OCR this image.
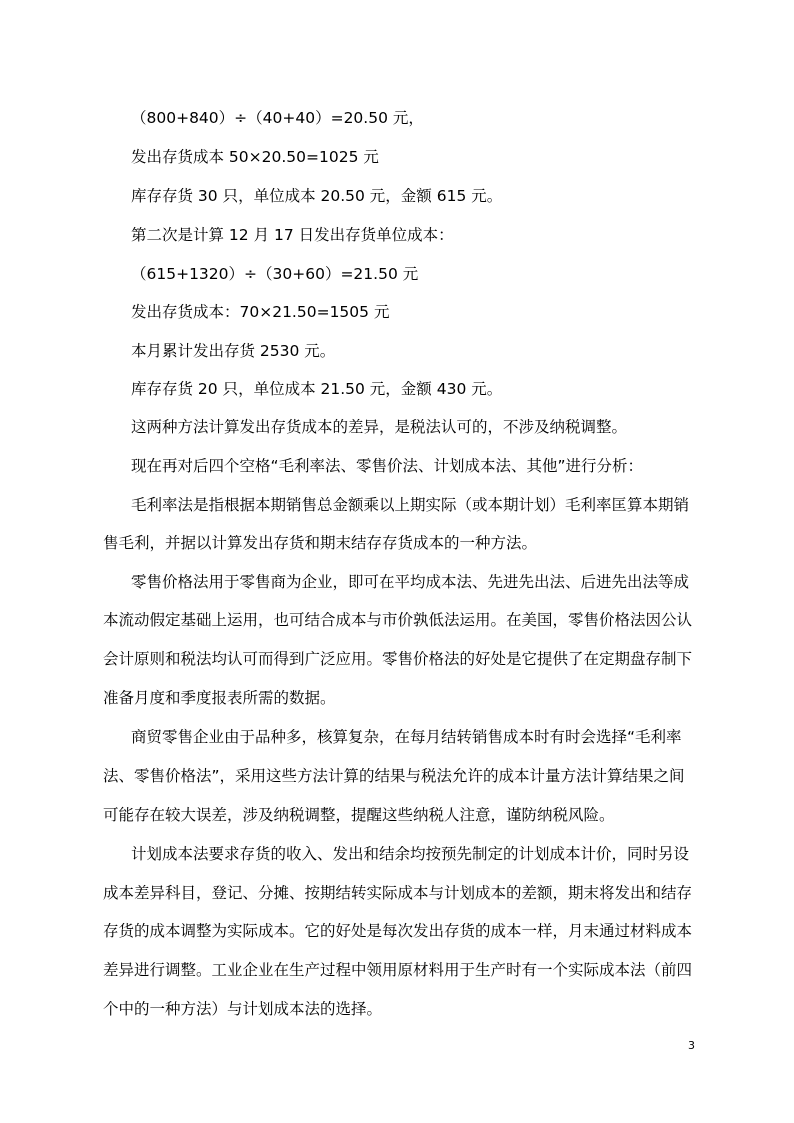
（800+840）÷（40+40）=20.50 元，
发出存货成本 50×20.50=1025 元
库存存货 30 只，单位成本 20.50 元，金额 615 元。
第二次是计算 12 月 17 日发出存货单位成本：
（615+1320）÷（30+60）=21.50 元
发出存货成本：70×21.50=1505 元
本月累计发出存货 2530 元。
库存存货 20 只，单位成本 21.50 元，金额 430 元。
这两种方法计算发出存货成本的差异，是税法认可的，不涉及纳税调整。
现在再对后四个空格“毛利率法、零售价法、计划成本法、其他”进行分析：
毛利率法是指根据本期销售总金额乘以上期实际（或本期计划）毛利率匡算本期销
售毛利，并据以计算发出存货和期末结存存货成本的一种方法。
零售价格法用于零售商为企业，即可在平均成本法、先进先出法、后进先出法等成
本流动假定基础上运用，也可结合成本与市价孰低法运用。在美国，零售价格法因公认
会计原则和税法均认可而得到广泛应用。零售价格法的好处是它提供了在定期盘存制下
准备月度和季度报表所需的数据。
商贸零售企业由于品种多，核算复杂，在每月结转销售成本时有时会选择“毛利率
法、零售价格法”，采用这些方法计算的结果与税法允许的成本计量方法计算结果之间
可能存在较大误差，涉及纳税调整，提醒这些纳税人注意，谨防纳税风险。
计划成本法要求存货的收入、发出和结余均按预先制定的计划成本计价，同时另设
成本差异科目，登记、分摊、按期结转实际成本与计划成本的差额，期末将发出和结存
存货的成本调整为实际成本。它的好处是每次发出存货的成本一样，月末通过材料成本
差异进行调整。工业企业在生产过程中领用原材料用于生产时有一个实际成本法（前四
个中的一种方法）与计划成本法的选择。
3
